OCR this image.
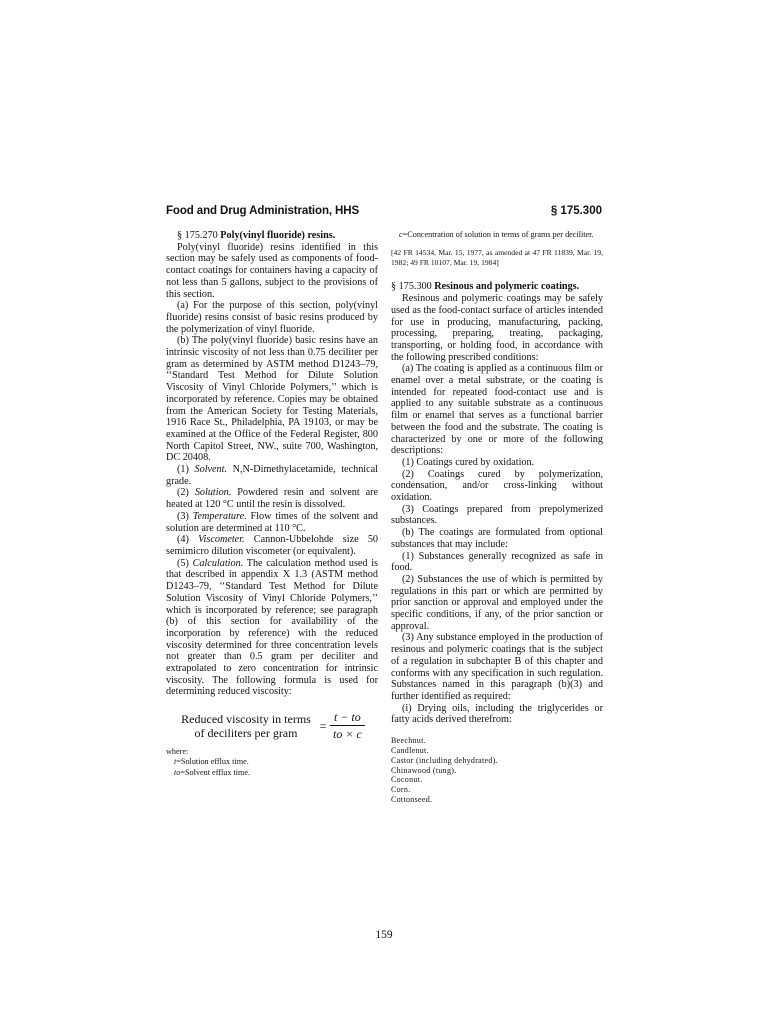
Food and Drug Administration, HHS	§ 175.300

§ 175.270 Poly(vinyl fluoride) resins.

Poly(vinyl fluoride) resins identified in this section may be safely used as components of food-contact coatings for containers having a capacity of not less than 5 gallons, subject to the provisions of this section.

(a) For the purpose of this section, poly(vinyl fluoride) resins consist of basic resins produced by the polymerization of vinyl fluoride.

(b) The poly(vinyl fluoride) basic resins have an intrinsic viscosity of not less than 0.75 deciliter per gram as determined by ASTM method D1243–79, ‘‘Standard Test Method for Dilute Solution Viscosity of Vinyl Chloride Polymers,’’ which is incorporated by reference. Copies may be obtained from the American Society for Testing Materials, 1916 Race St., Philadelphia, PA 19103, or may be examined at the Office of the Federal Register, 800 North Capitol Street, NW., suite 700, Washington, DC 20408.

(1) Solvent. N,N-Dimethylacetamide, technical grade.

(2) Solution. Powdered resin and solvent are heated at 120 °C until the resin is dissolved.

(3) Temperature. Flow times of the solvent and solution are determined at 110 °C.

(4) Viscometer. Cannon-Ubbelohde size 50 semimicro dilution viscometer (or equivalent).

(5) Calculation. The calculation method used is that described in appendix X 1.3 (ASTM method D1243–79, ‘‘Standard Test Method for Dilute Solution Viscosity of Vinyl Chloride Polymers,’’ which is incorporated by reference; see paragraph (b) of this section for availability of the incorporation by reference) with the reduced viscosity determined for three concentration levels not greater than 0.5 gram per deciliter and extrapolated to zero concentration for intrinsic viscosity. The following formula is used for determining reduced viscosity:

Reduced viscosity in terms
of deciliters per gram	= $\frac{t - to}{to \times c}$

where:

t=Solution efflux time.

to=Solvent efflux time.

c=Concentration of solution in terms of grams per deciliter.

[42 FR 14534, Mar. 15, 1977, as amended at 47 FR 11839, Mar. 19, 1982; 49 FR 10107, Mar. 19, 1984]

§ 175.300 Resinous and polymeric coatings.

Resinous and polymeric coatings may be safely used as the food-contact surface of articles intended for use in producing, manufacturing, packing, processing, preparing, treating, packaging, transporting, or holding food, in accordance with the following prescribed conditions:

(a) The coating is applied as a continuous film or enamel over a metal substrate, or the coating is intended for repeated food-contact use and is applied to any suitable substrate as a continuous film or enamel that serves as a functional barrier between the food and the substrate. The coating is characterized by one or more of the following descriptions:

(1) Coatings cured by oxidation.

(2) Coatings cured by polymerization, condensation, and/or cross-linking without oxidation.

(3) Coatings prepared from prepolymerized substances.

(b) The coatings are formulated from optional substances that may include:

(1) Substances generally recognized as safe in food.

(2) Substances the use of which is permitted by regulations in this part or which are permitted by prior sanction or approval and employed under the specific conditions, if any, of the prior sanction or approval.

(3) Any substance employed in the production of resinous and polymeric coatings that is the subject of a regulation in subchapter B of this chapter and conforms with any specification in such regulation. Substances named in this paragraph (b)(3) and further identified as required:

(i) Drying oils, including the triglycerides or fatty acids derived therefrom:

Beechnut.

Candlenut.

Castor (including dehydrated).

Chinawood (tung).

Coconut.

Corn.

Cottonseed.

159
